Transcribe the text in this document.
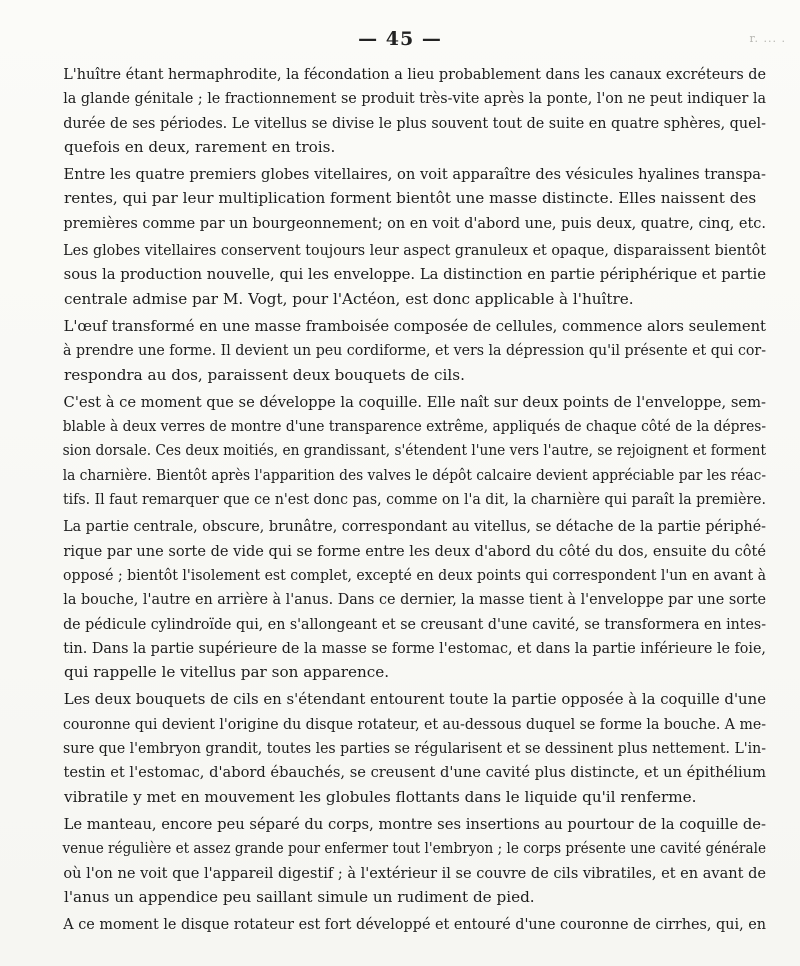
— 45 —	r. ... .

L'huître étant hermaphrodite, la fécondation a lieu probablement dans les canaux excréteurs de
la glande génitale ; le fractionnement se produit très-vite après la ponte, l'on ne peut indiquer la
durée de ses périodes. Le vitellus se divise le plus souvent tout de suite en quatre sphères, quel-
quefois en deux, rarement en trois.

Entre les quatre premiers globes vitellaires, on voit apparaître des vésicules hyalines transpa-
rentes, qui par leur multiplication forment bientôt une masse distincte. Elles naissent des
premières comme par un bourgeonnement; on en voit d'abord une, puis deux, quatre, cinq, etc.

Les globes vitellaires conservent toujours leur aspect granuleux et opaque, disparaissent bientôt
sous la production nouvelle, qui les enveloppe. La distinction en partie périphérique et partie
centrale admise par M. Vogt, pour l'Actéon, est donc applicable à l'huître.

L'œuf transformé en une masse framboisée composée de cellules, commence alors seulement
à prendre une forme. Il devient un peu cordiforme, et vers la dépression qu'il présente et qui cor-
respondra au dos, paraissent deux bouquets de cils.

C'est à ce moment que se développe la coquille. Elle naît sur deux points de l'enveloppe, sem-
blable à deux verres de montre d'une transparence extrême, appliqués de chaque côté de la dépres-
sion dorsale. Ces deux moitiés, en grandissant, s'étendent l'une vers l'autre, se rejoignent et forment
la charnière. Bientôt après l'apparition des valves le dépôt calcaire devient appréciable par les réac-
tifs. Il faut remarquer que ce n'est donc pas, comme on l'a dit, la charnière qui paraît la première.

La partie centrale, obscure, brunâtre, correspondant au vitellus, se détache de la partie périphé-
rique par une sorte de vide qui se forme entre les deux d'abord du côté du dos, ensuite du côté
opposé ; bientôt l'isolement est complet, excepté en deux points qui correspondent l'un en avant à
la bouche, l'autre en arrière à l'anus. Dans ce dernier, la masse tient à l'enveloppe par une sorte
de pédicule cylindroïde qui, en s'allongeant et se creusant d'une cavité, se transformera en intes-
tin. Dans la partie supérieure de la masse se forme l'estomac, et dans la partie inférieure le foie,
qui rappelle le vitellus par son apparence.

Les deux bouquets de cils en s'étendant entourent toute la partie opposée à la coquille d'une
couronne qui devient l'origine du disque rotateur, et au-dessous duquel se forme la bouche. A me-
sure que l'embryon grandit, toutes les parties se régularisent et se dessinent plus nettement. L'in-
testin et l'estomac, d'abord ébauchés, se creusent d'une cavité plus distincte, et un épithélium
vibratile y met en mouvement les globules flottants dans le liquide qu'il renferme.

Le manteau, encore peu séparé du corps, montre ses insertions au pourtour de la coquille de-
venue régulière et assez grande pour enfermer tout l'embryon ; le corps présente une cavité générale
où l'on ne voit que l'appareil digestif ; à l'extérieur il se couvre de cils vibratiles, et en avant de
l'anus un appendice peu saillant simule un rudiment de pied.

A ce moment le disque rotateur est fort développé et entouré d'une couronne de cirrhes, qui, en
